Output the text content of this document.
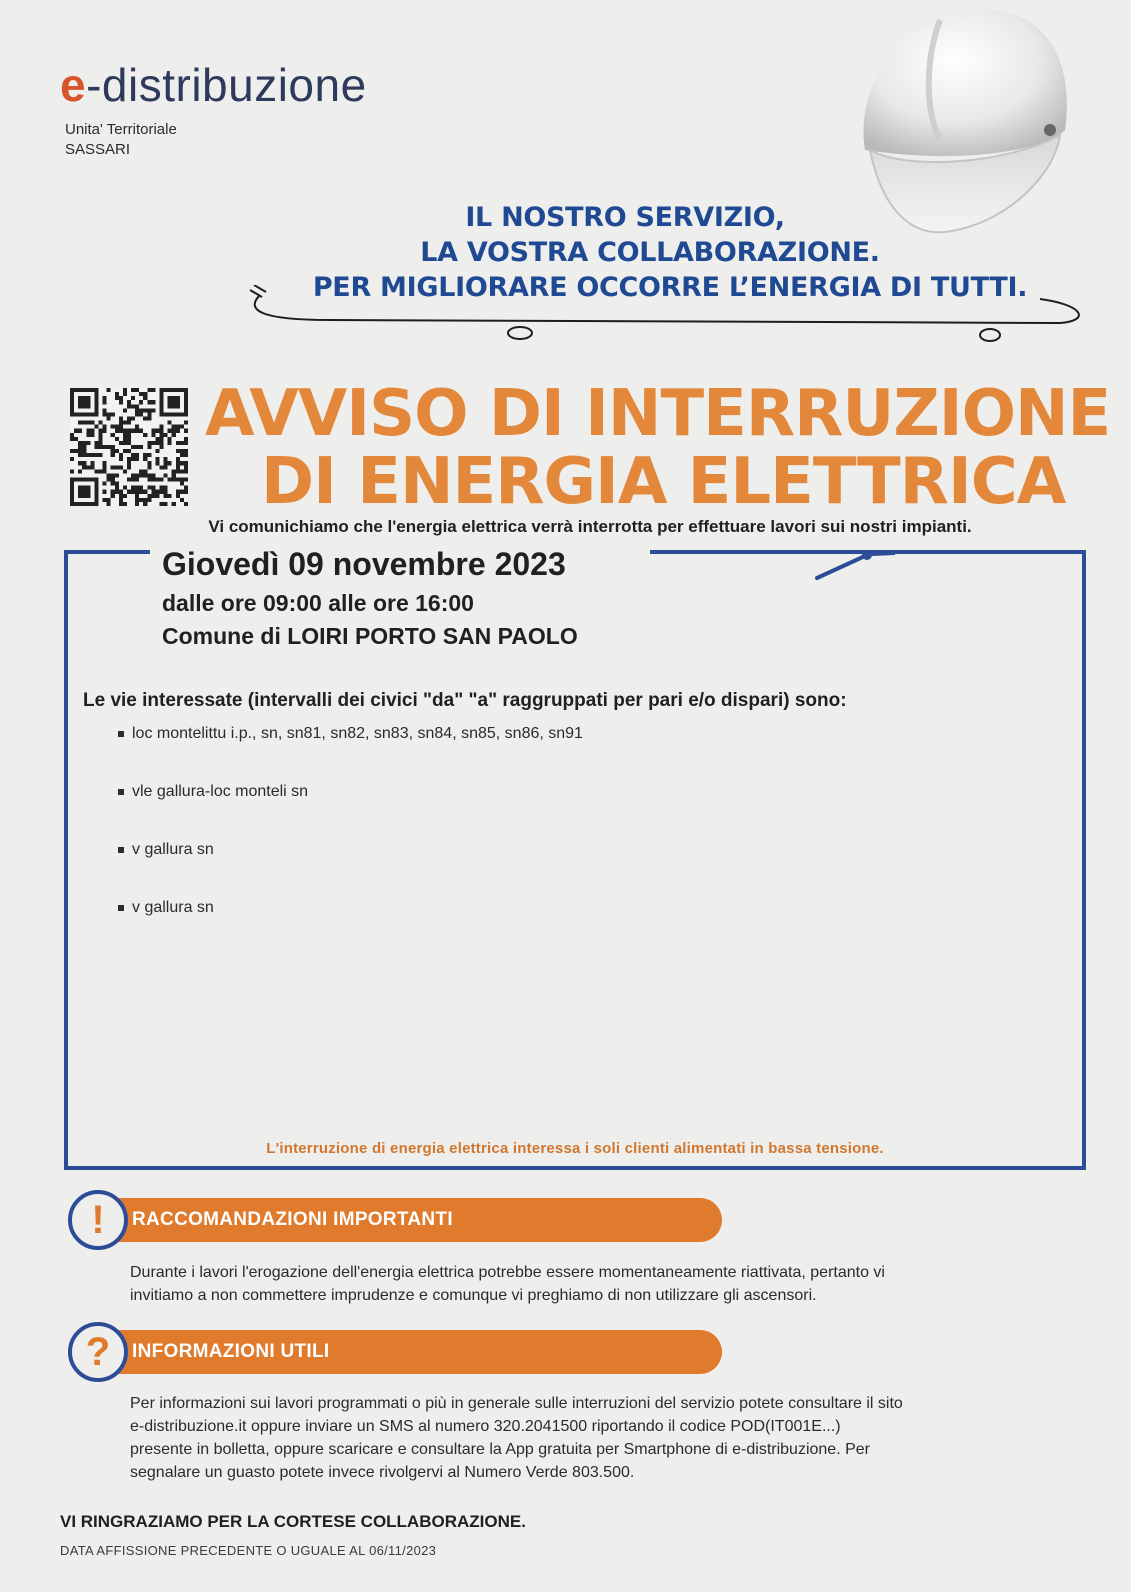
e-distribuzione
Unita' Territoriale
SASSARI
IL NOSTRO SERVIZIO,
LA VOSTRA COLLABORAZIONE.
PER MIGLIORARE OCCORRE L’ENERGIA DI TUTTI.
AVVISO DI INTERRUZIONE
DI ENERGIA ELETTRICA
Vi comunichiamo che l'energia elettrica verrà interrotta per effettuare lavori sui nostri impianti.
Giovedì 09 novembre 2023
dalle ore 09:00 alle ore 16:00
Comune di LOIRI PORTO SAN PAOLO
Le vie interessate (intervalli dei civici "da" "a" raggruppati per pari e/o dispari) sono:
loc montelittu i.p., sn, sn81, sn82, sn83, sn84, sn85, sn86, sn91
vle gallura-loc monteli sn
v gallura sn
v gallura sn
L'interruzione di energia elettrica interessa i soli clienti alimentati in bassa tensione.
RACCOMANDAZIONI IMPORTANTI
!
Durante i lavori l'erogazione dell'energia elettrica potrebbe essere momentaneamente riattivata, pertanto vi
invitiamo a non commettere imprudenze e comunque vi preghiamo di non utilizzare gli ascensori.
INFORMAZIONI UTILI
?
Per informazioni sui lavori programmati o più in generale sulle interruzioni del servizio potete consultare il sito
e-distribuzione.it oppure inviare un SMS al numero 320.2041500 riportando il codice POD(IT001E...)
presente in bolletta, oppure scaricare e consultare la App gratuita per Smartphone di e-distribuzione. Per
segnalare un guasto potete invece rivolgervi al Numero Verde 803.500.
VI RINGRAZIAMO PER LA CORTESE COLLABORAZIONE.
DATA AFFISSIONE PRECEDENTE O UGUALE AL 06/11/2023
